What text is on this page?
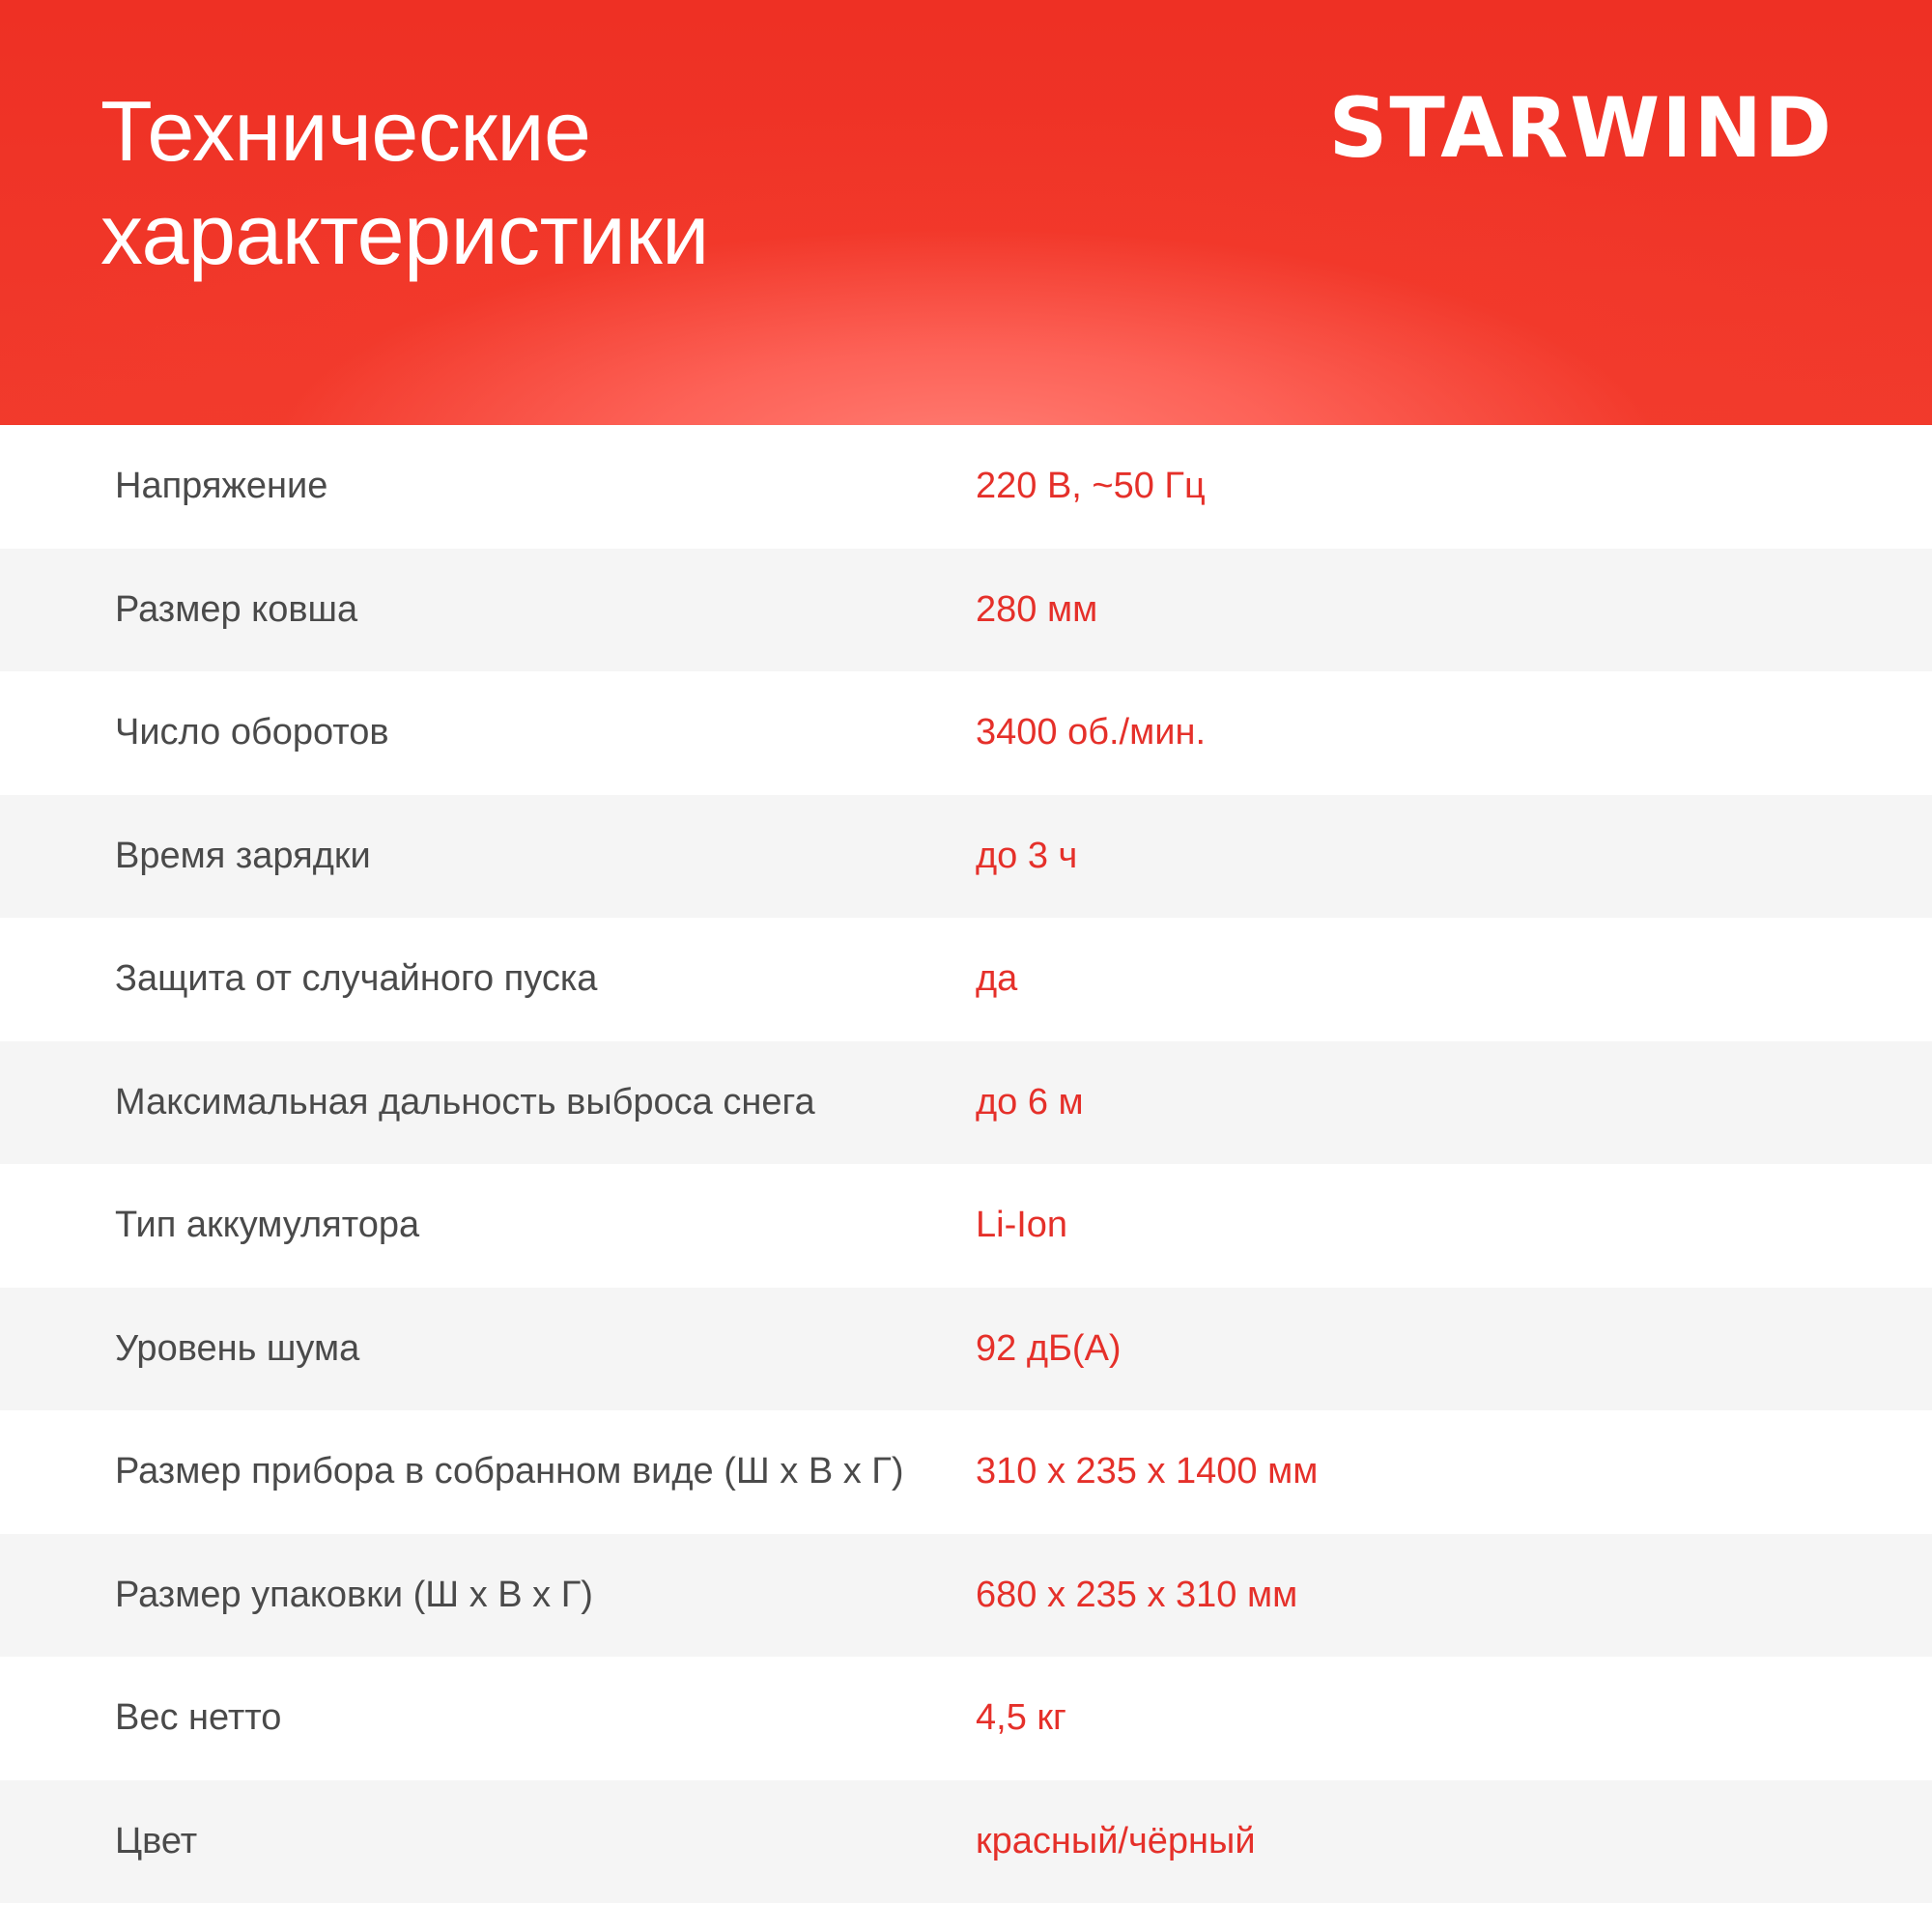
Технические
характеристики
STARWIND
Напряжение	220 В, ~50 Гц
Размер ковша	280 мм
Число оборотов	3400 об./мин.
Время зарядки	до 3 ч
Защита от случайного пуска	да
Максимальная дальность выброса снега	до 6 м
Тип аккумулятора	Li-Ion
Уровень шума	92 дБ(А)
Размер прибора в собранном виде (Ш х В х Г) 310 х 235 х 1400 мм
Размер упаковки (Ш х В х Г)	680 х 235 х 310 мм
Вес нетто	4,5 кг
Цвет	красный/чёрный
